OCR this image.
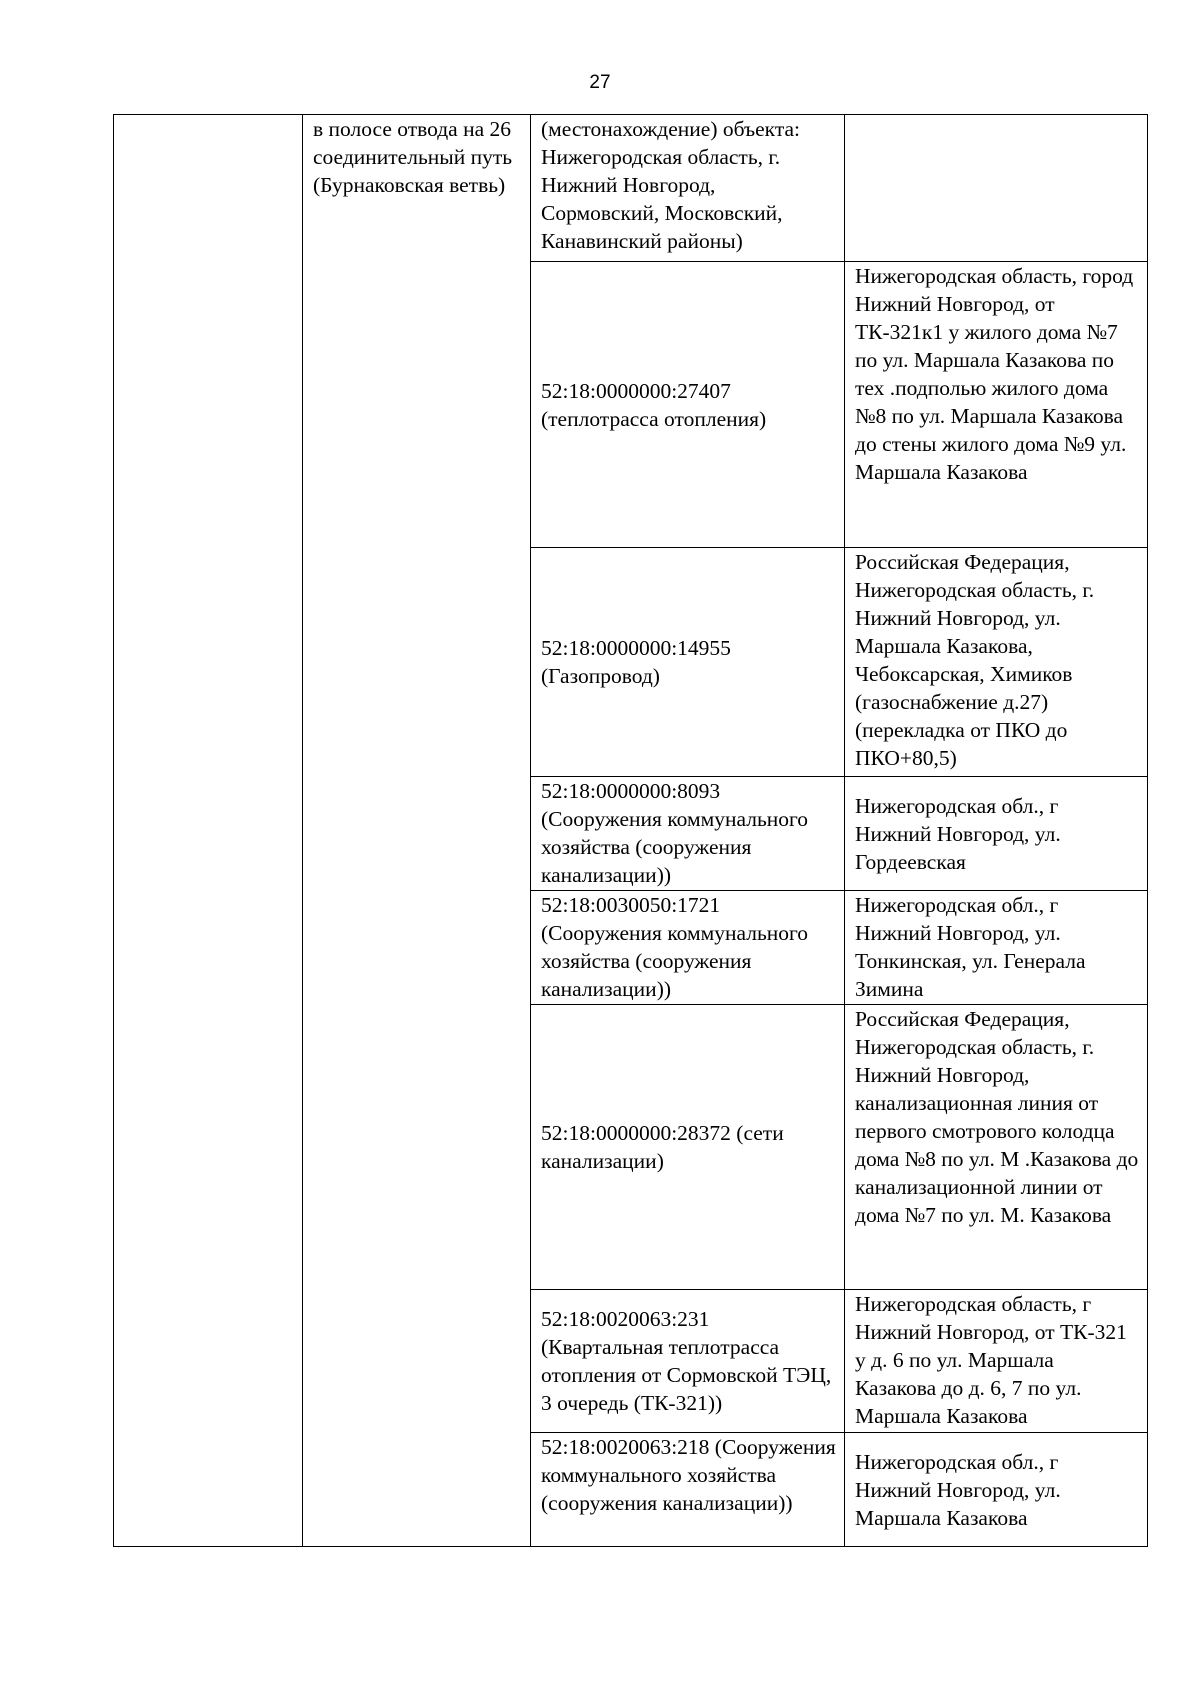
27
	в полосе отвода на 26 соединительный путь (Бурнаковская ветвь)	(местонахождение) объекта: Нижегородская область, г. Нижний Новгород, Сормовский, Московский, Канавинский районы)	
		52:18:0000000:27407 (теплотрасса отопления)	Нижегородская область, город Нижний Новгород, от ТК-321к1 у жилого дома №7 по ул. Маршала Казакова по тех .подполью жилого дома №8 по ул. Маршала Казакова до стены жилого дома №9 ул. Маршала Казакова
		52:18:0000000:14955 (Газопровод)	Российская Федерация, Нижегородская область, г. Нижний Новгород, ул. Маршала Казакова, Чебоксарская, Химиков (газоснабжение д.27) (перекладка от ПКО до ПКО+80,5)
		52:18:0000000:8093 (Сооружения коммунального хозяйства (сооружения канализации))	Нижегородская обл., г Нижний Новгород, ул. Гордеевская
		52:18:0030050:1721 (Сооружения коммунального хозяйства (сооружения канализации))	Нижегородская обл., г Нижний Новгород, ул. Тонкинская, ул. Генерала Зимина
		52:18:0000000:28372 (сети канализации)	Российская Федерация, Нижегородская область, г. Нижний Новгород, канализационная линия от первого смотрового колодца дома №8 по ул. М .Казакова до канализационной линии от дома №7 по ул. М. Казакова
		52:18:0020063:231 (Квартальная теплотрасса отопления от Сормовской ТЭЦ, 3 очередь (ТК-321))	Нижегородская область, г Нижний Новгород, от ТК-321 у д. 6 по ул. Маршала Казакова до д. 6, 7 по ул. Маршала Казакова
		52:18:0020063:218 (Сооружения коммунального хозяйства (сооружения канализации))	Нижегородская обл., г Нижний Новгород, ул. Маршала Казакова
